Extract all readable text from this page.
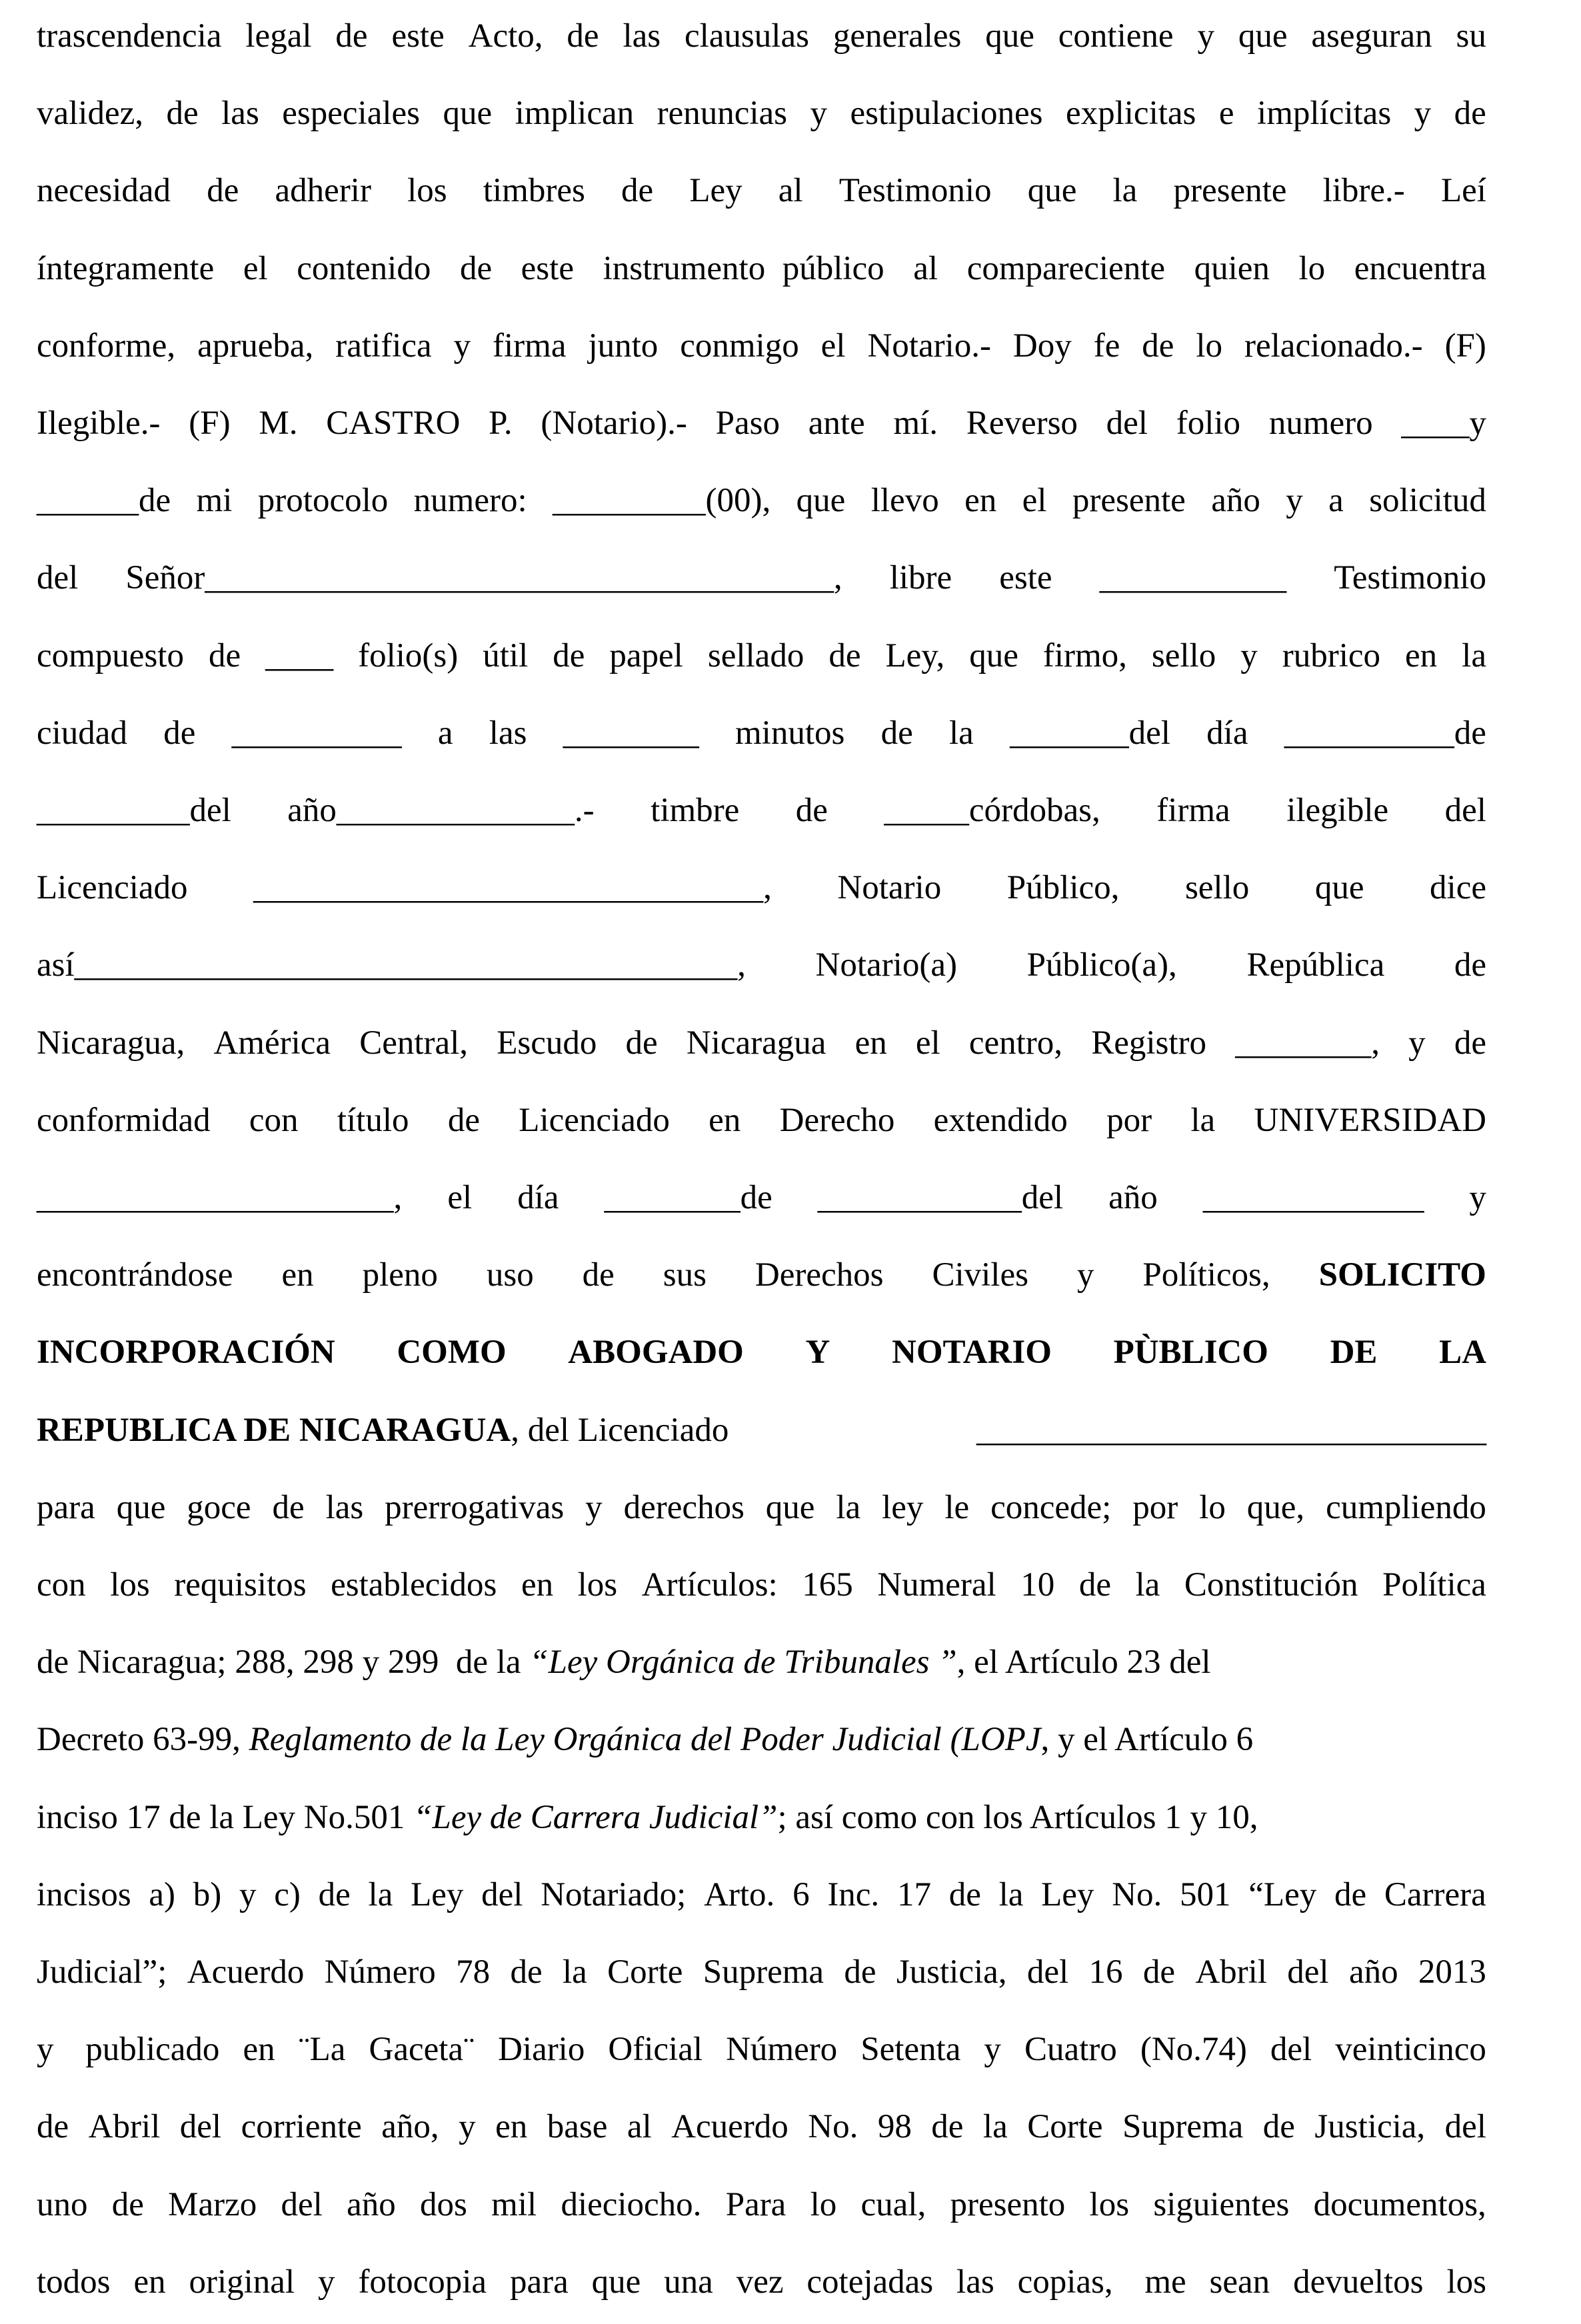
trascendencia legal de este Acto, de las clausulas generales que contiene y que aseguran su
validez, de las especiales que implican renuncias y estipulaciones explicitas e implícitas y de
necesidad de adherir los timbres de Ley al Testimonio que la presente libre.- Leí
íntegramente el contenido de este instrumento  público al compareciente quien lo encuentra
conforme, aprueba, ratifica y firma junto conmigo el Notario.- Doy fe de lo relacionado.- (F)
Ilegible.- (F) M. CASTRO P. (Notario).- Paso ante mí. Reverso del folio numero ____y
______de mi protocolo numero: _________(00), que llevo en el presente año y a solicitud
del Señor_____________________________________, libre este ___________ Testimonio
compuesto de ____ folio(s) útil de papel sellado de Ley, que firmo, sello y rubrico en la
ciudad de __________ a las ________ minutos de la _______del día __________de
_________del año______________.- timbre de _____córdobas, firma ilegible del
Licenciado ______________________________, Notario Público, sello que dice
así_______________________________________, Notario(a) Público(a), República de
Nicaragua, América Central, Escudo de Nicaragua en el centro, Registro ________, y de
conformidad con título de Licenciado en Derecho extendido por la UNIVERSIDAD
_____________________, el día ________de ____________del año _____________ y
encontrándose en pleno uso de sus Derechos Civiles y Políticos, SOLICITO
INCORPORACIÓN COMO ABOGADO Y NOTARIO PÙBLICO DE LA
REPUBLICA DE NICARAGUA, del Licenciado	______________________________
para que goce de las prerrogativas y derechos que la ley le concede; por lo que, cumpliendo
con los requisitos establecidos en los Artículos: 165 Numeral 10 de la Constitución Política
de Nicaragua; 288, 298 y 299  de la “Ley Orgánica de Tribunales ”, el Artículo 23 del
Decreto 63-99, Reglamento de la Ley Orgánica del Poder Judicial (LOPJ, y el Artículo 6
inciso 17 de la Ley No.501 “Ley de Carrera Judicial”; así como con los Artículos 1 y 10,
incisos a) b) y c) de la Ley del Notariado; Arto. 6 Inc. 17 de la Ley No. 501 “Ley de Carrera
Judicial”; Acuerdo Número 78 de la Corte Suprema de Justicia, del 16 de Abril del año 2013
y publicado en ¨La Gaceta¨ Diario Oficial Número Setenta y Cuatro (No.74) del veinticinco
de Abril del corriente año, y en base al Acuerdo No. 98 de la Corte Suprema de Justicia, del
uno de Marzo del año dos mil dieciocho. Para lo cual, presento los siguientes documentos,
todos en original y fotocopia para que una vez cotejadas las copias, me sean devueltos los
